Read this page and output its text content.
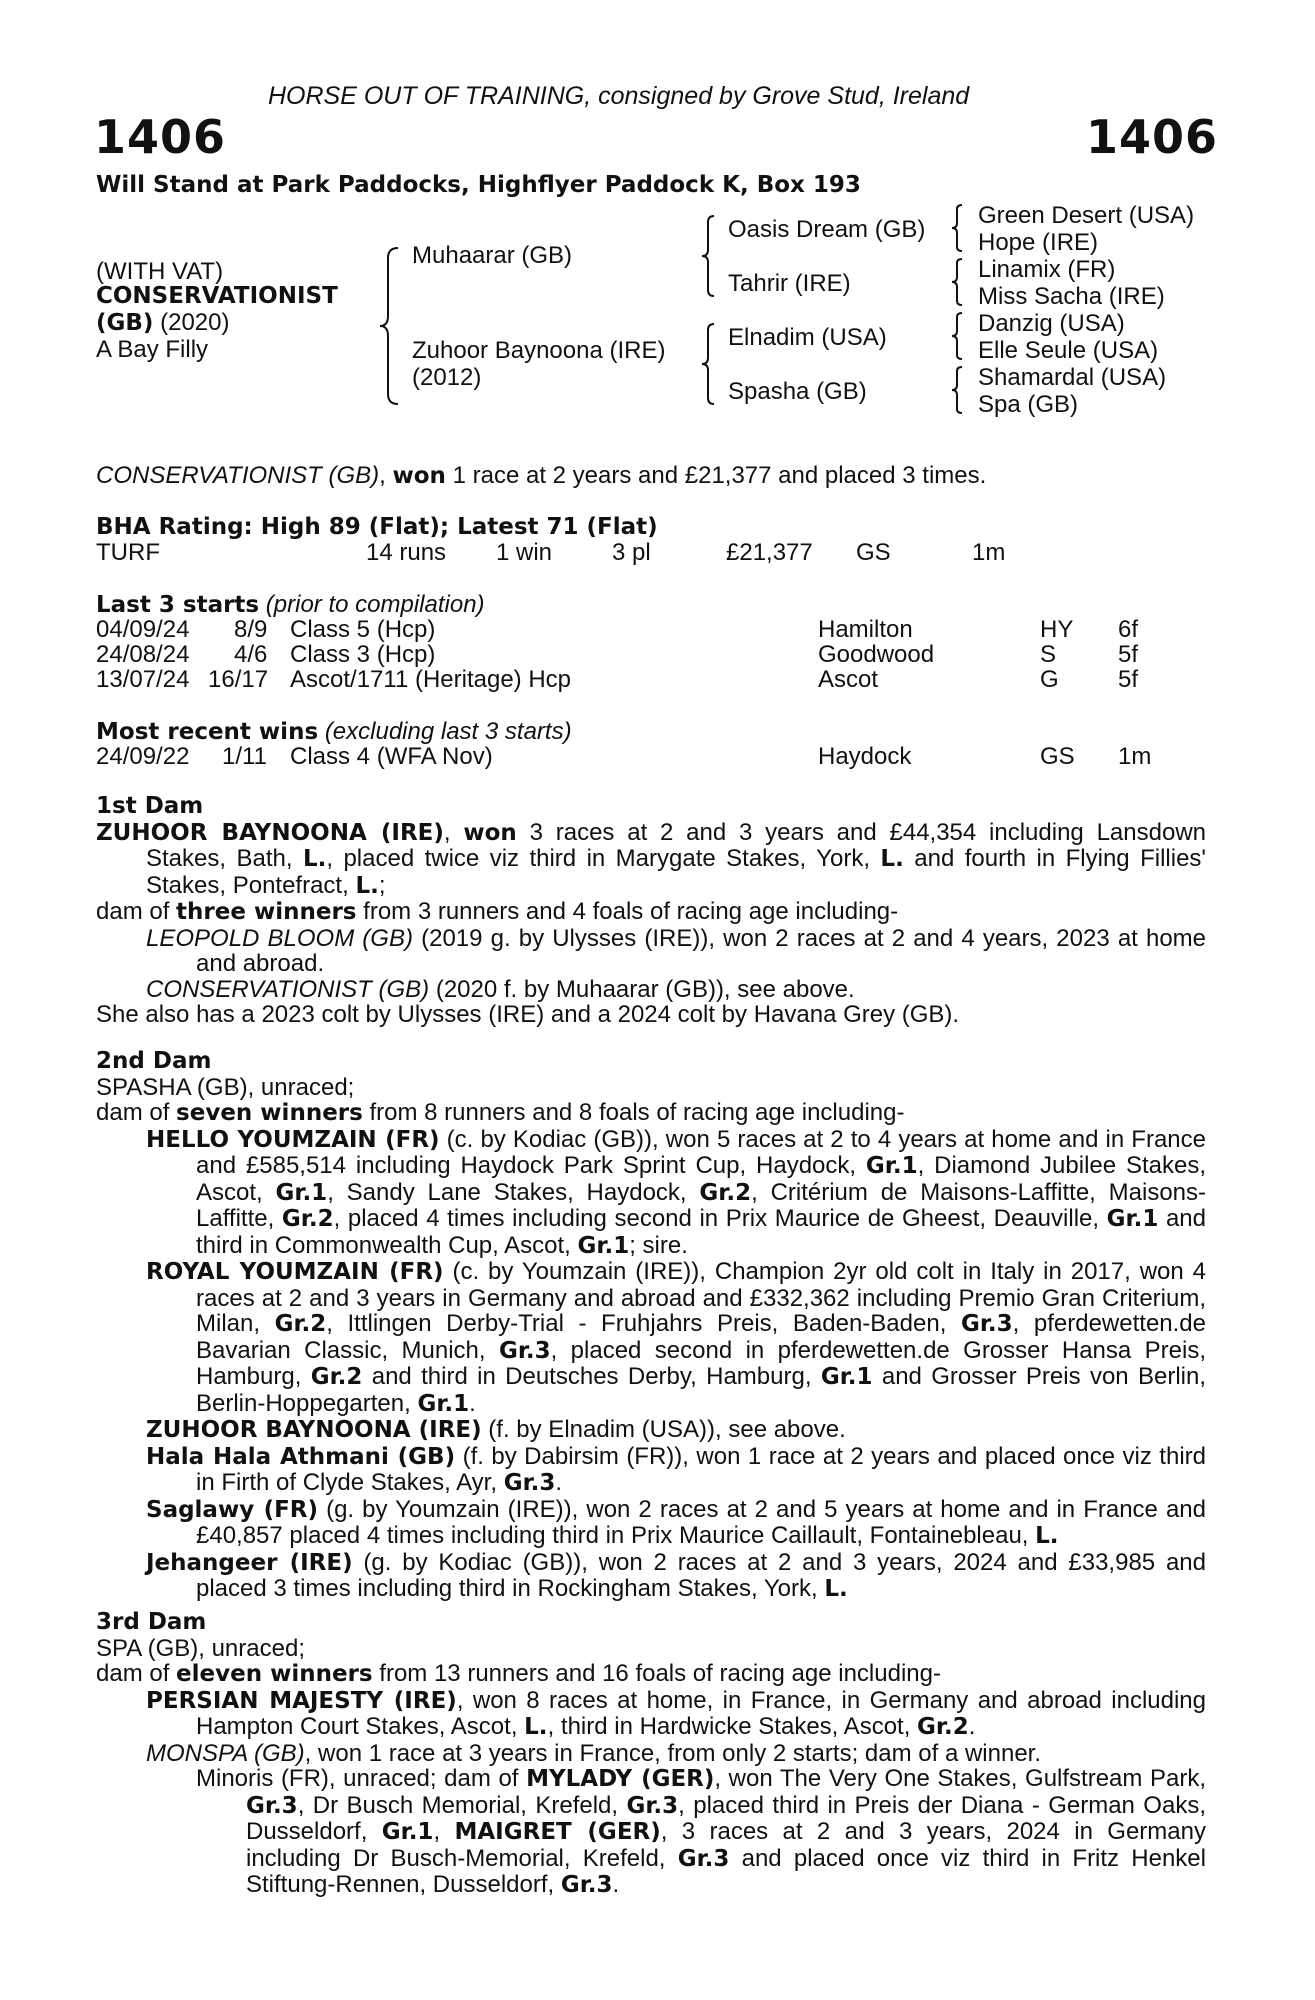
HORSE OUT OF TRAINING, consigned by Grove Stud, Ireland
1406	1406
Will Stand at Park Paddocks, Highflyer Paddock K, Box 193
(WITH VAT)
CONSERVATIONIST
(GB) (2020)
A Bay Filly
Muhaarar (GB)
Zuhoor Baynoona (IRE)
(2012)
Oasis Dream (GB)
Tahrir (IRE)
Elnadim (USA)
Spasha (GB)
Green Desert (USA)
Hope (IRE)
Linamix (FR)
Miss Sacha (IRE)
Danzig (USA)
Elle Seule (USA)
Shamardal (USA)
Spa (GB)
CONSERVATIONIST (GB), won 1 race at 2 years and £21,377 and placed 3 times.
BHA Rating: High 89 (Flat); Latest 71 (Flat)
TURF	14 runs 1 win 3 pl	£21,377 GS	1m
Last 3 starts (prior to compilation)
04/09/24 8/9 Class 5 (Hcp)	Hamilton	HY 6f
24/08/24 4/6 Class 3 (Hcp)	Goodwood	S	5f
13/07/24 16/17 Ascot/1711 (Heritage) Hcp	Ascot	G 5f
Most recent wins (excluding last 3 starts)
24/09/22 1/11 Class 4 (WFA Nov)	Haydock	GS 1m
1st Dam
ZUHOOR BAYNOONA (IRE), won 3 races at 2 and 3 years and £44,354 including Lansdown Stakes, Bath, L., placed twice viz third in Marygate Stakes, York, L. and fourth in Flying Fillies' Stakes, Pontefract, L.;
dam of three winners from 3 runners and 4 foals of racing age including-
LEOPOLD BLOOM (GB) (2019 g. by Ulysses (IRE)), won 2 races at 2 and 4 years, 2023 at home and abroad.
CONSERVATIONIST (GB) (2020 f. by Muhaarar (GB)), see above.
She also has a 2023 colt by Ulysses (IRE) and a 2024 colt by Havana Grey (GB).
2nd Dam
SPASHA (GB), unraced;
dam of seven winners from 8 runners and 8 foals of racing age including-
HELLO YOUMZAIN (FR) (c. by Kodiac (GB)), won 5 races at 2 to 4 years at home and in France and £585,514 including Haydock Park Sprint Cup, Haydock, Gr.1, Diamond Jubilee Stakes, Ascot, Gr.1, Sandy Lane Stakes, Haydock, Gr.2, Critérium de Maisons-Laffitte, Maisons-Laffitte, Gr.2, placed 4 times including second in Prix Maurice de Gheest, Deauville, Gr.1 and third in Commonwealth Cup, Ascot, Gr.1; sire.
ROYAL YOUMZAIN (FR) (c. by Youmzain (IRE)), Champion 2yr old colt in Italy in 2017, won 4 races at 2 and 3 years in Germany and abroad and £332,362 including Premio Gran Criterium, Milan, Gr.2, Ittlingen Derby-Trial - Fruhjahrs Preis, Baden-Baden, Gr.3, pferdewetten.de Bavarian Classic, Munich, Gr.3, placed second in pferdewetten.de Grosser Hansa Preis, Hamburg, Gr.2 and third in Deutsches Derby, Hamburg, Gr.1 and Grosser Preis von Berlin, Berlin-Hoppegarten, Gr.1.
ZUHOOR BAYNOONA (IRE) (f. by Elnadim (USA)), see above.
Hala Hala Athmani (GB) (f. by Dabirsim (FR)), won 1 race at 2 years and placed once viz third in Firth of Clyde Stakes, Ayr, Gr.3.
Saglawy (FR) (g. by Youmzain (IRE)), won 2 races at 2 and 5 years at home and in France and £40,857 placed 4 times including third in Prix Maurice Caillault, Fontainebleau, L.
Jehangeer (IRE) (g. by Kodiac (GB)), won 2 races at 2 and 3 years, 2024 and £33,985 and placed 3 times including third in Rockingham Stakes, York, L.
3rd Dam
SPA (GB), unraced;
dam of eleven winners from 13 runners and 16 foals of racing age including-
PERSIAN MAJESTY (IRE), won 8 races at home, in France, in Germany and abroad including Hampton Court Stakes, Ascot, L., third in Hardwicke Stakes, Ascot, Gr.2.
MONSPA (GB), won 1 race at 3 years in France, from only 2 starts; dam of a winner.
Minoris (FR), unraced; dam of MYLADY (GER), won The Very One Stakes, Gulfstream Park, Gr.3, Dr Busch Memorial, Krefeld, Gr.3, placed third in Preis der Diana - German Oaks, Dusseldorf, Gr.1, MAIGRET (GER), 3 races at 2 and 3 years, 2024 in Germany including Dr Busch-Memorial, Krefeld, Gr.3 and placed once viz third in Fritz Henkel Stiftung-Rennen, Dusseldorf, Gr.3.
